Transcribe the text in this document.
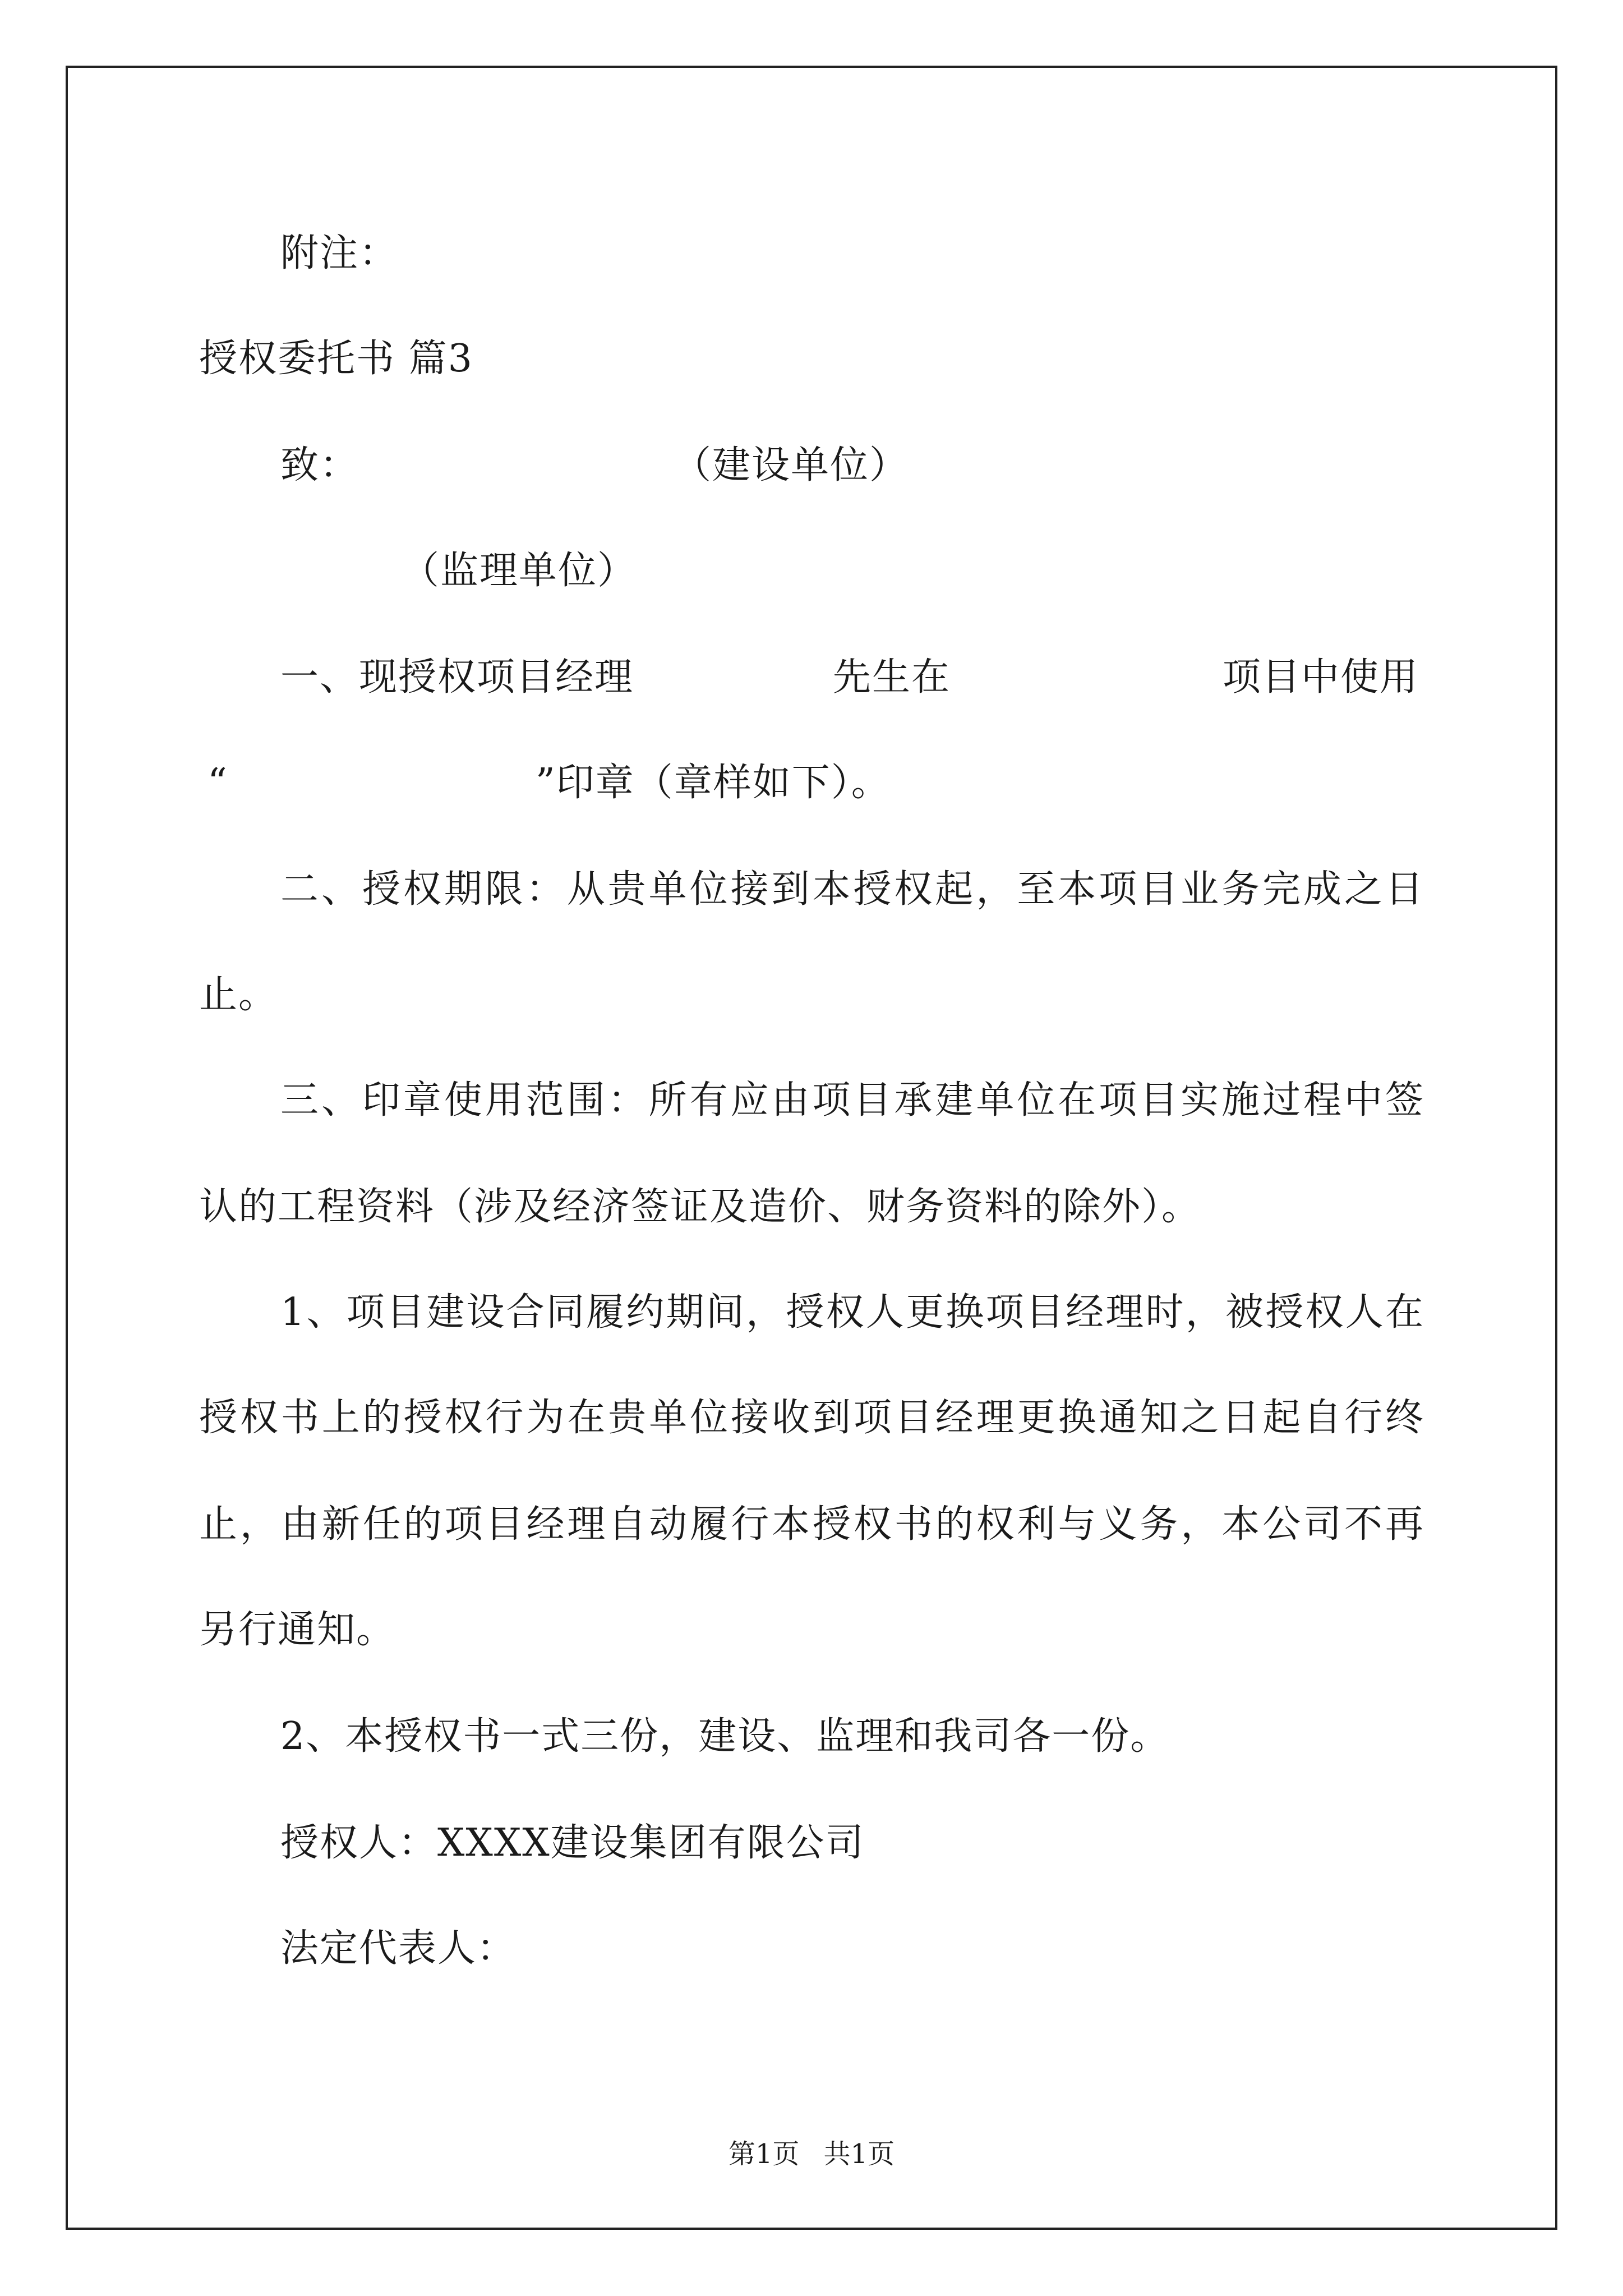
附注：
授权委托书 篇3
致：	（建设单位）
（监理单位）
一、现授权项目经理	先生在	项目中使用
“	”印章（章样如下）。
二、授权期限：从贵单位接到本授权起，至本项目业务完成之日
止。
三、印章使用范围：所有应由项目承建单位在项目实施过程中签
认的工程资料（涉及经济签证及造价、财务资料的除外）。
1、项目建设合同履约期间，授权人更换项目经理时，被授权人在
授权书上的授权行为在贵单位接收到项目经理更换通知之日起自行终
止，由新任的项目经理自动履行本授权书的权利与义务，本公司不再
另行通知。
2、本授权书一式三份，建设、监理和我司各一份。
授权人：XXXX建设集团有限公司
法定代表人：
第1页 共1页
